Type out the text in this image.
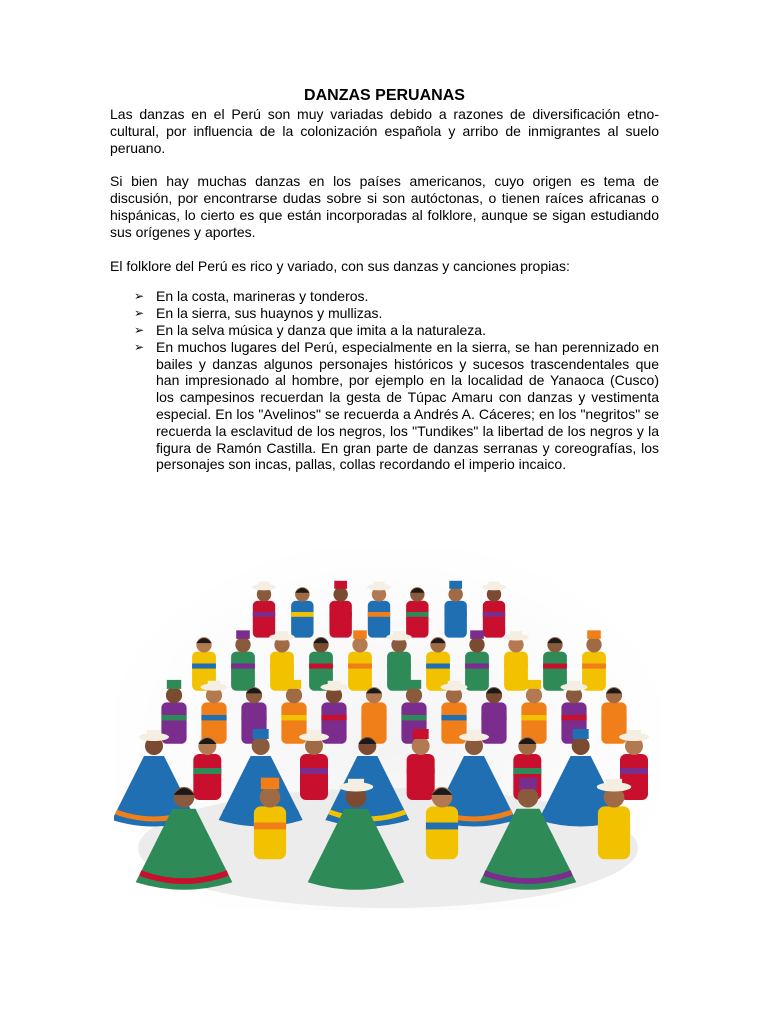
DANZAS PERUANAS

Las danzas en el Perú son muy variadas debido a razones de diversificación etno-cultural, por influencia de la colonización española y arribo de inmigrantes al suelo peruano.

Si bien hay muchas danzas en los países americanos, cuyo origen es tema de discusión, por encontrarse dudas sobre si son autóctonas, o tienen raíces africanas o hispánicas, lo cierto es que están incorporadas al folklore, aunque se sigan estudiando sus orígenes y aportes.

El folklore del Perú es rico y variado, con sus danzas y canciones propias:

➢ En la costa, marineras y tonderos.
➢ En la sierra, sus huaynos y mullizas.
➢ En la selva música y danza que imita a la naturaleza.
➢ En muchos lugares del Perú, especialmente en la sierra, se han perennizado en bailes y danzas algunos personajes históricos y sucesos trascendentales que han impresionado al hombre, por ejemplo en la localidad de Yanaoca (Cusco) los campesinos recuerdan la gesta de Túpac Amaru con danzas y vestimenta especial. En los "Avelinos" se recuerda a Andrés A. Cáceres; en los "negritos" se recuerda la esclavitud de los negros, los "Tundikes" la libertad de los negros y la figura de Ramón Castilla. En gran parte de danzas serranas y coreografías, los personajes son incas, pallas, collas recordando el imperio incaico.
